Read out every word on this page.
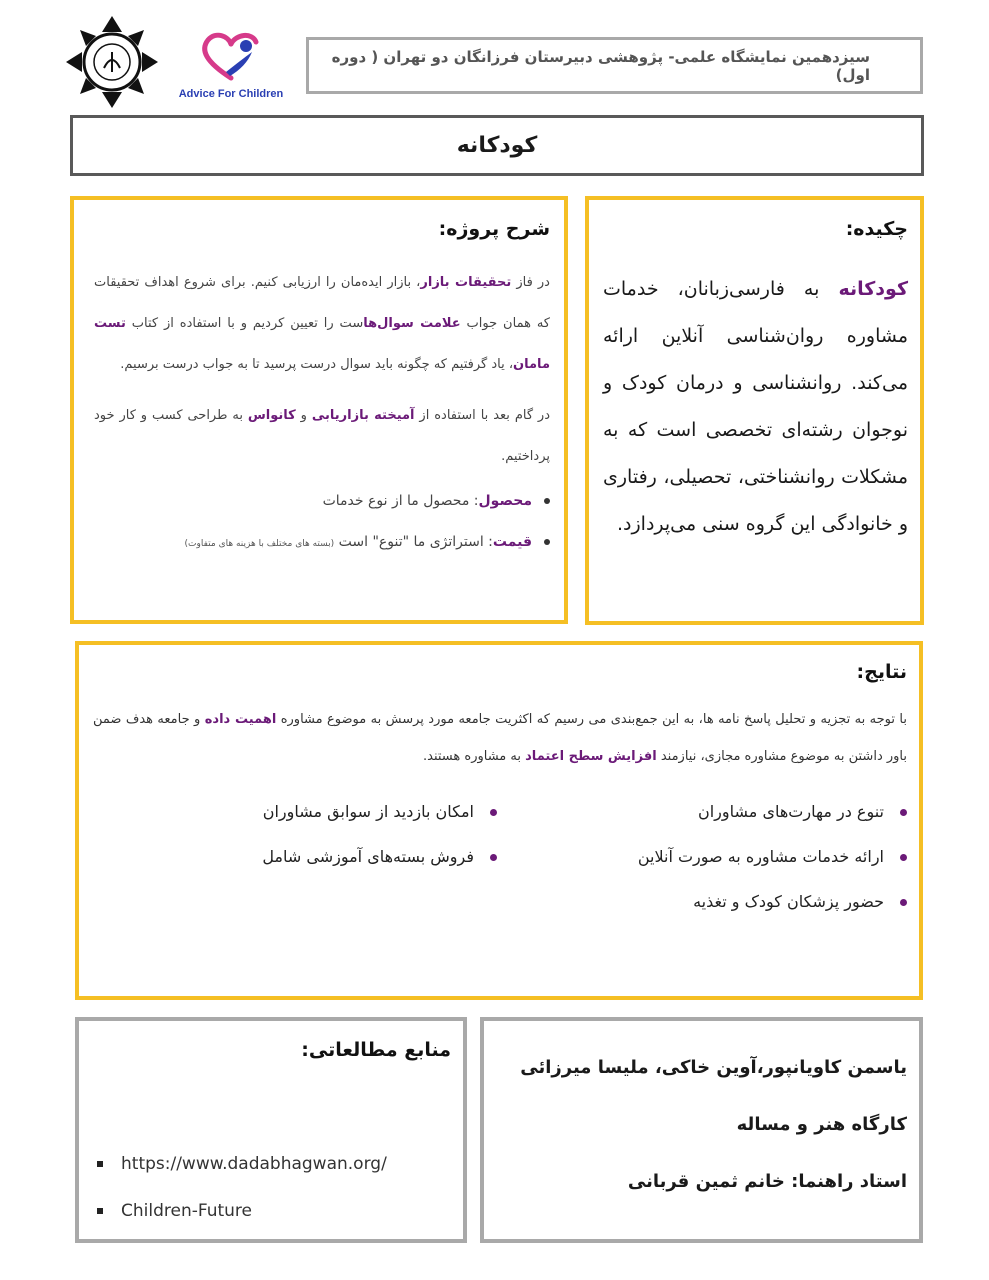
Advice For Children
سیزدهمین نمایشگاه علمی- پژوهشی دبیرستان فرزانگان دو تهران ( دوره اول)
کودکانه
شرح پروژه:

در فاز تحقیقات بازار، بازار ایده‌مان را ارزیابی کنیم. برای شروع اهداف تحقیقات که همان جواب علامت سوال‌هاست را تعیین کردیم و با استفاده از کتاب تست مامان، یاد گرفتیم که چگونه باید سوال درست پرسید تا به جواب درست برسیم.

در گام بعد با استفاده از آمیخته بازاریابی و کانواس به طراحی کسب و کار خود پرداختیم.

محصول: محصول ما از نوع خدمات
قیمت: استراتژی ما "تنوع" است (بسته های مختلف با هزینه های متفاوت)
چکیده:

کودکانه به فارسی‌زبانان، خدمات مشاوره روان‌شناسی آنلاین ارائه می‌کند. روانشناسی و درمان کودک و نوجوان رشته‌ای تخصصی است که به مشکلات روانشناختی، تحصیلی، رفتاری و خانوادگی این گروه سنی می‌پردازد.

نتایج:

با توجه به تجزیه و تحلیل پاسخ نامه ها، به این جمع‌بندی می رسیم که اکثریت جامعه مورد پرسش به موضوع مشاوره اهمیت داده و جامعه هدف ضمن باور داشتن به موضوع مشاوره مجازی، نیازمند افزایش سطح اعتماد به مشاوره هستند.

تنوع در مهارت‌های مشاوران
ارائه خدمات مشاوره به صورت آنلاین
حضور پزشکان کودک و تغذیه
امکان بازدید از سوابق مشاوران
فروش بسته‌های آموزشی شامل
یاسمن کاویانپور،آوین خاکی، ملیسا میرزائی
کارگاه هنر و مساله
استاد راهنما: خانم ثمین قربانی
منابع مطالعاتی:
https://www.dadabhagwan.org/
Children-Future
